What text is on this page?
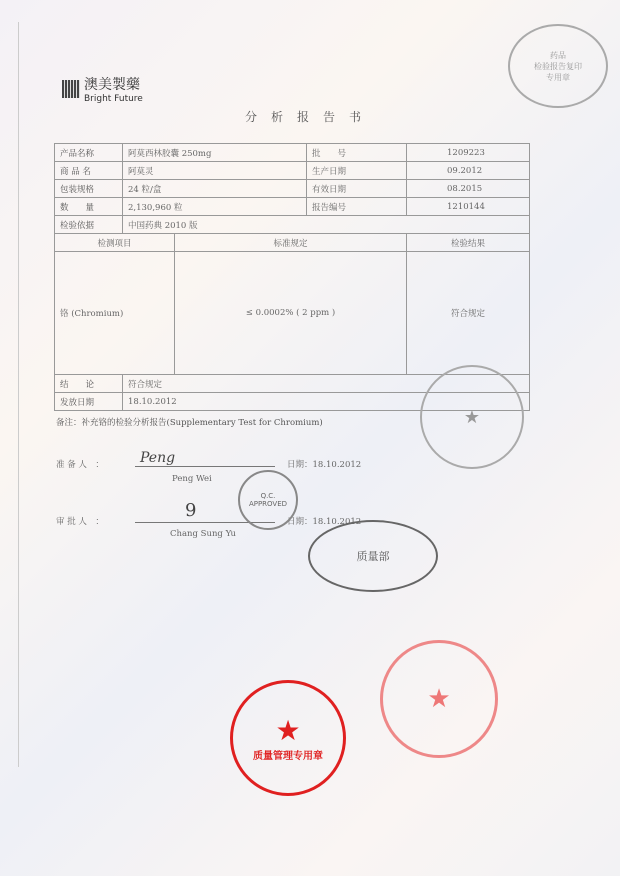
澳美製藥
Bright Future
分析报告书
产品名称	阿莫西林胶囊 250mg		批　　号	1209223
商 品 名	阿莫灵		生产日期	09.2012
包装规格	24 粒/盒		有效日期	08.2015
数　　量	2,130,960 粒		报告编号	1210144
检验依据	中国药典 2010 版			
检测项目		标准规定		检验结果
铬 (Chromium)		≤ 0.0002% ( 2 ppm )		符合规定
结　　论	符合规定			
发放日期	18.10.2012			
备注：补充铬的检验分析报告(Supplementary Test for Chromium)
准 备 人　：	Peng
Peng Wei
日期：18.10.2012
审 批 人　：
9
Chang Sung Yu
日期：18.10.2012
Q.C.
APPROVED
药品
检验报告复印
专用章
质量部
★
★
质量管理专用章
★
